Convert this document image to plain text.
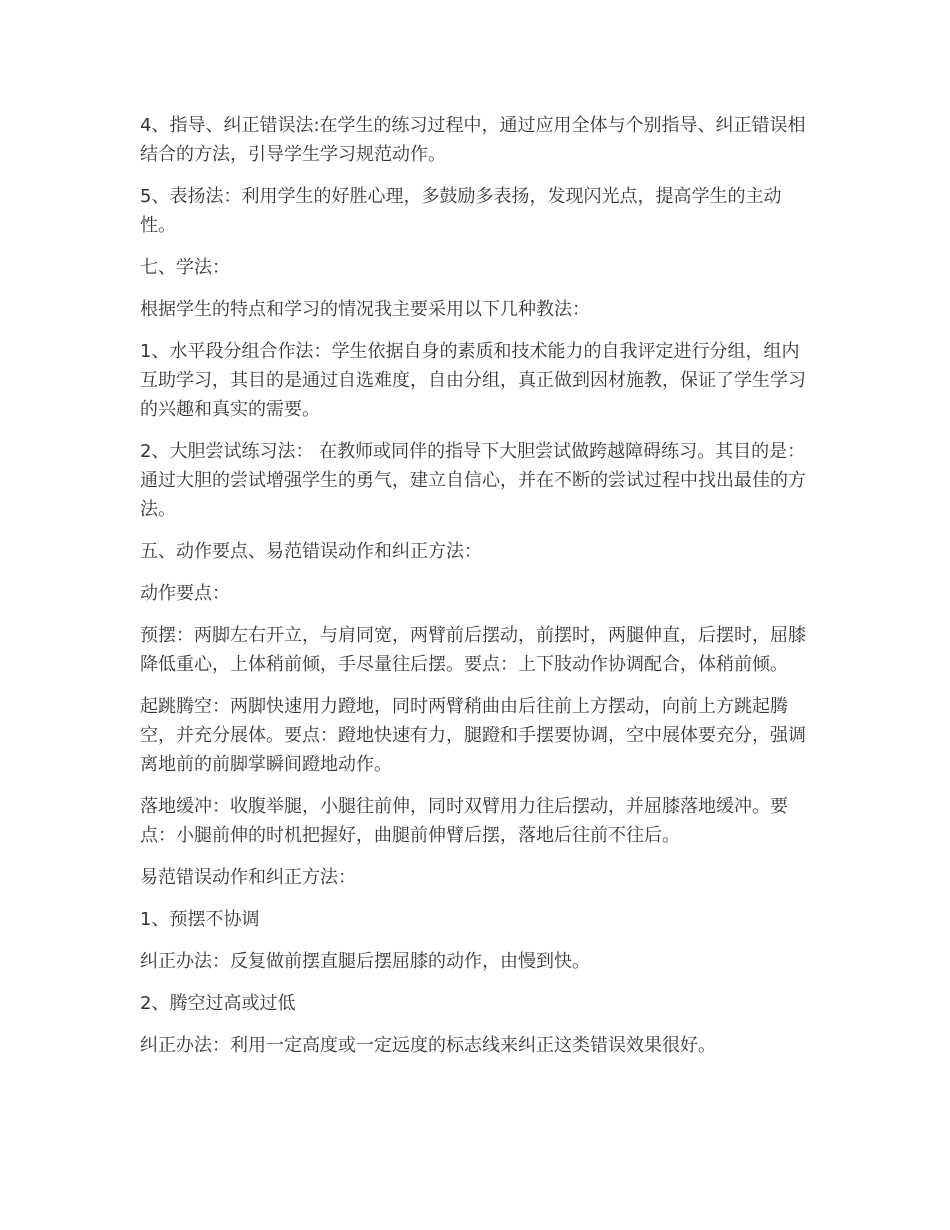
4、指导、纠正错误法:在学生的练习过程中，通过应用全体与个别指导、纠正错误相结合的方法，引导学生学习规范动作。

5、表扬法：利用学生的好胜心理，多鼓励多表扬，发现闪光点，提高学生的主动性。

七、学法：

根据学生的特点和学习的情况我主要采用以下几种教法：

1、水平段分组合作法：学生依据自身的素质和技术能力的自我评定进行分组，组内互助学习，其目的是通过自选难度，自由分组，真正做到因材施教，保证了学生学习的兴趣和真实的需要。

2、大胆尝试练习法： 在教师或同伴的指导下大胆尝试做跨越障碍练习。其目的是：通过大胆的尝试增强学生的勇气，建立自信心，并在不断的尝试过程中找出最佳的方法。

五、动作要点、易范错误动作和纠正方法：

动作要点：

预摆：两脚左右开立，与肩同宽，两臂前后摆动，前摆时，两腿伸直，后摆时，屈膝降低重心，上体稍前倾，手尽量往后摆。要点：上下肢动作协调配合，体稍前倾。

起跳腾空：两脚快速用力蹬地，同时两臂稍曲由后往前上方摆动，向前上方跳起腾空，并充分展体。要点：蹬地快速有力，腿蹬和手摆要协调，空中展体要充分，强调离地前的前脚掌瞬间蹬地动作。

落地缓冲：收腹举腿，小腿往前伸，同时双臂用力往后摆动，并屈膝落地缓冲。要点：小腿前伸的时机把握好，曲腿前伸臂后摆，落地后往前不往后。

易范错误动作和纠正方法：

1、预摆不协调

纠正办法：反复做前摆直腿后摆屈膝的动作，由慢到快。

2、腾空过高或过低

纠正办法：利用一定高度或一定远度的标志线来纠正这类错误效果很好。
